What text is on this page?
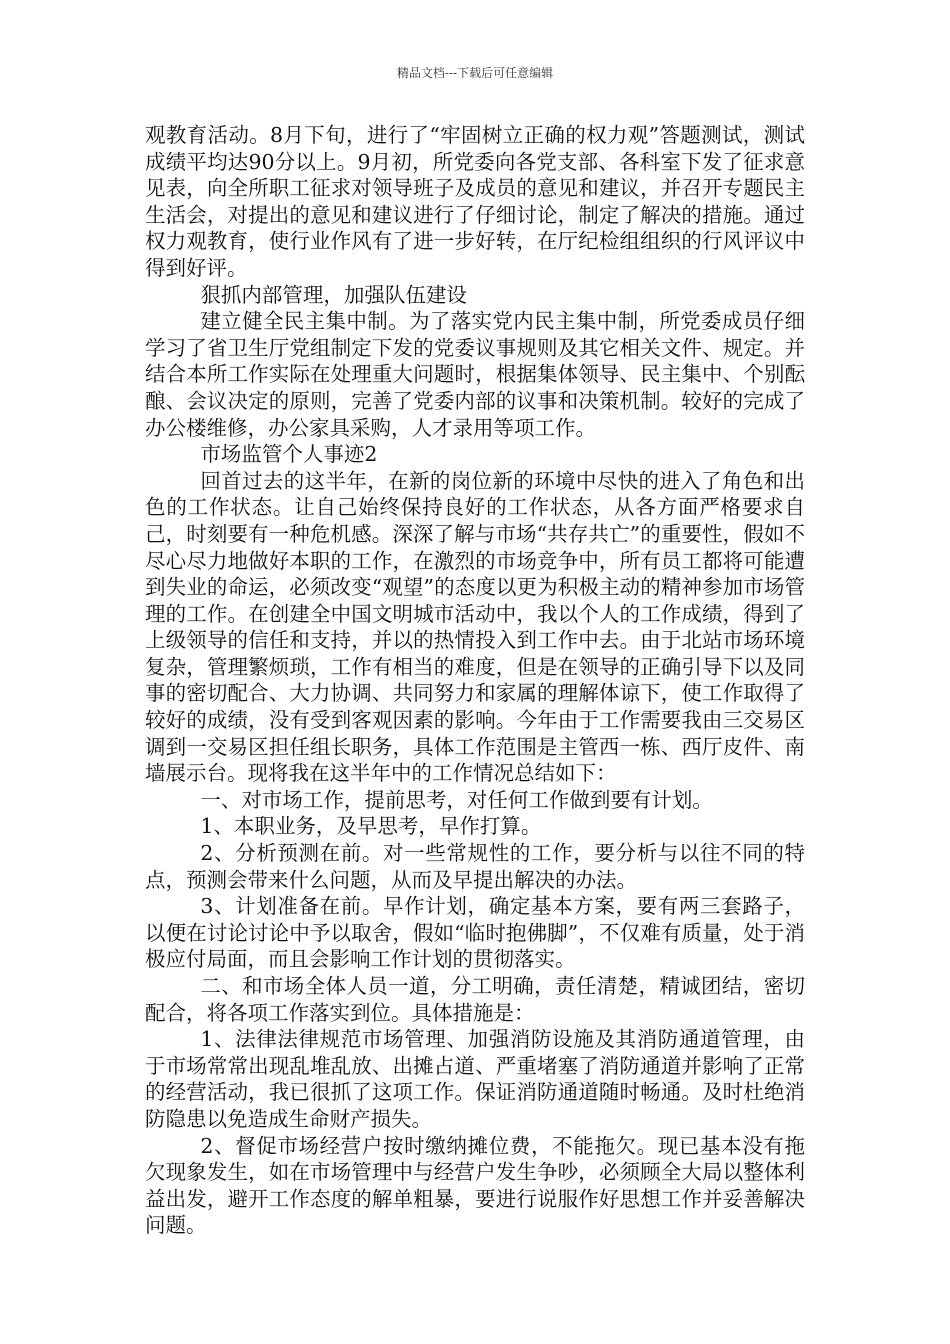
精品文档---下载后可任意编辑

观教育活动。8月下旬，进行了“牢固树立正确的权力观”答题测试，测试成绩平均达90分以上。9月初，所党委向各党支部、各科室下发了征求意见表，向全所职工征求对领导班子及成员的意见和建议，并召开专题民主生活会，对提出的意见和建议进行了仔细讨论，制定了解决的措施。通过权力观教育，使行业作风有了进一步好转，在厅纪检组组织的行风评议中得到好评。

狠抓内部管理，加强队伍建设

建立健全民主集中制。为了落实党内民主集中制，所党委成员仔细学习了省卫生厅党组制定下发的党委议事规则及其它相关文件、规定。并结合本所工作实际在处理重大问题时，根据集体领导、民主集中、个别酝酿、会议决定的原则，完善了党委内部的议事和决策机制。较好的完成了办公楼维修，办公家具采购，人才录用等项工作。

市场监管个人事迹2

回首过去的这半年，在新的岗位新的环境中尽快的进入了角色和出色的工作状态。让自己始终保持良好的工作状态，从各方面严格要求自己，时刻要有一种危机感。深深了解与市场“共存共亡”的重要性，假如不尽心尽力地做好本职的工作，在激烈的市场竞争中，所有员工都将可能遭到失业的命运，必须改变“观望”的态度以更为积极主动的精神参加市场管理的工作。在创建全中国文明城市活动中，我以个人的工作成绩，得到了上级领导的信任和支持，并以的热情投入到工作中去。由于北站市场环境复杂，管理繁烦琐，工作有相当的难度，但是在领导的正确引导下以及同事的密切配合、大力协调、共同努力和家属的理解体谅下，使工作取得了较好的成绩，没有受到客观因素的影响。今年由于工作需要我由三交易区调到一交易区担任组长职务，具体工作范围是主管西一栋、西厅皮件、南墙展示台。现将我在这半年中的工作情况总结如下：

一、对市场工作，提前思考，对任何工作做到要有计划。

1、本职业务，及早思考，早作打算。

2、分析预测在前。对一些常规性的工作，要分析与以往不同的特点，预测会带来什么问题，从而及早提出解决的办法。

3、计划准备在前。早作计划，确定基本方案，要有两三套路子，以便在讨论讨论中予以取舍，假如“临时抱佛脚”，不仅难有质量，处于消极应付局面，而且会影响工作计划的贯彻落实。

二、和市场全体人员一道，分工明确，责任清楚，精诚团结，密切配合，将各项工作落实到位。具体措施是：

1、法律法律规范市场管理、加强消防设施及其消防通道管理，由于市场常常出现乱堆乱放、出摊占道、严重堵塞了消防通道并影响了正常的经营活动，我已很抓了这项工作。保证消防通道随时畅通。及时杜绝消防隐患以免造成生命财产损失。

2、督促市场经营户按时缴纳摊位费，不能拖欠。现已基本没有拖欠现象发生，如在市场管理中与经营户发生争吵，必须顾全大局以整体利益出发，避开工作态度的解单粗暴，要进行说服作好思想工作并妥善解决问题。
